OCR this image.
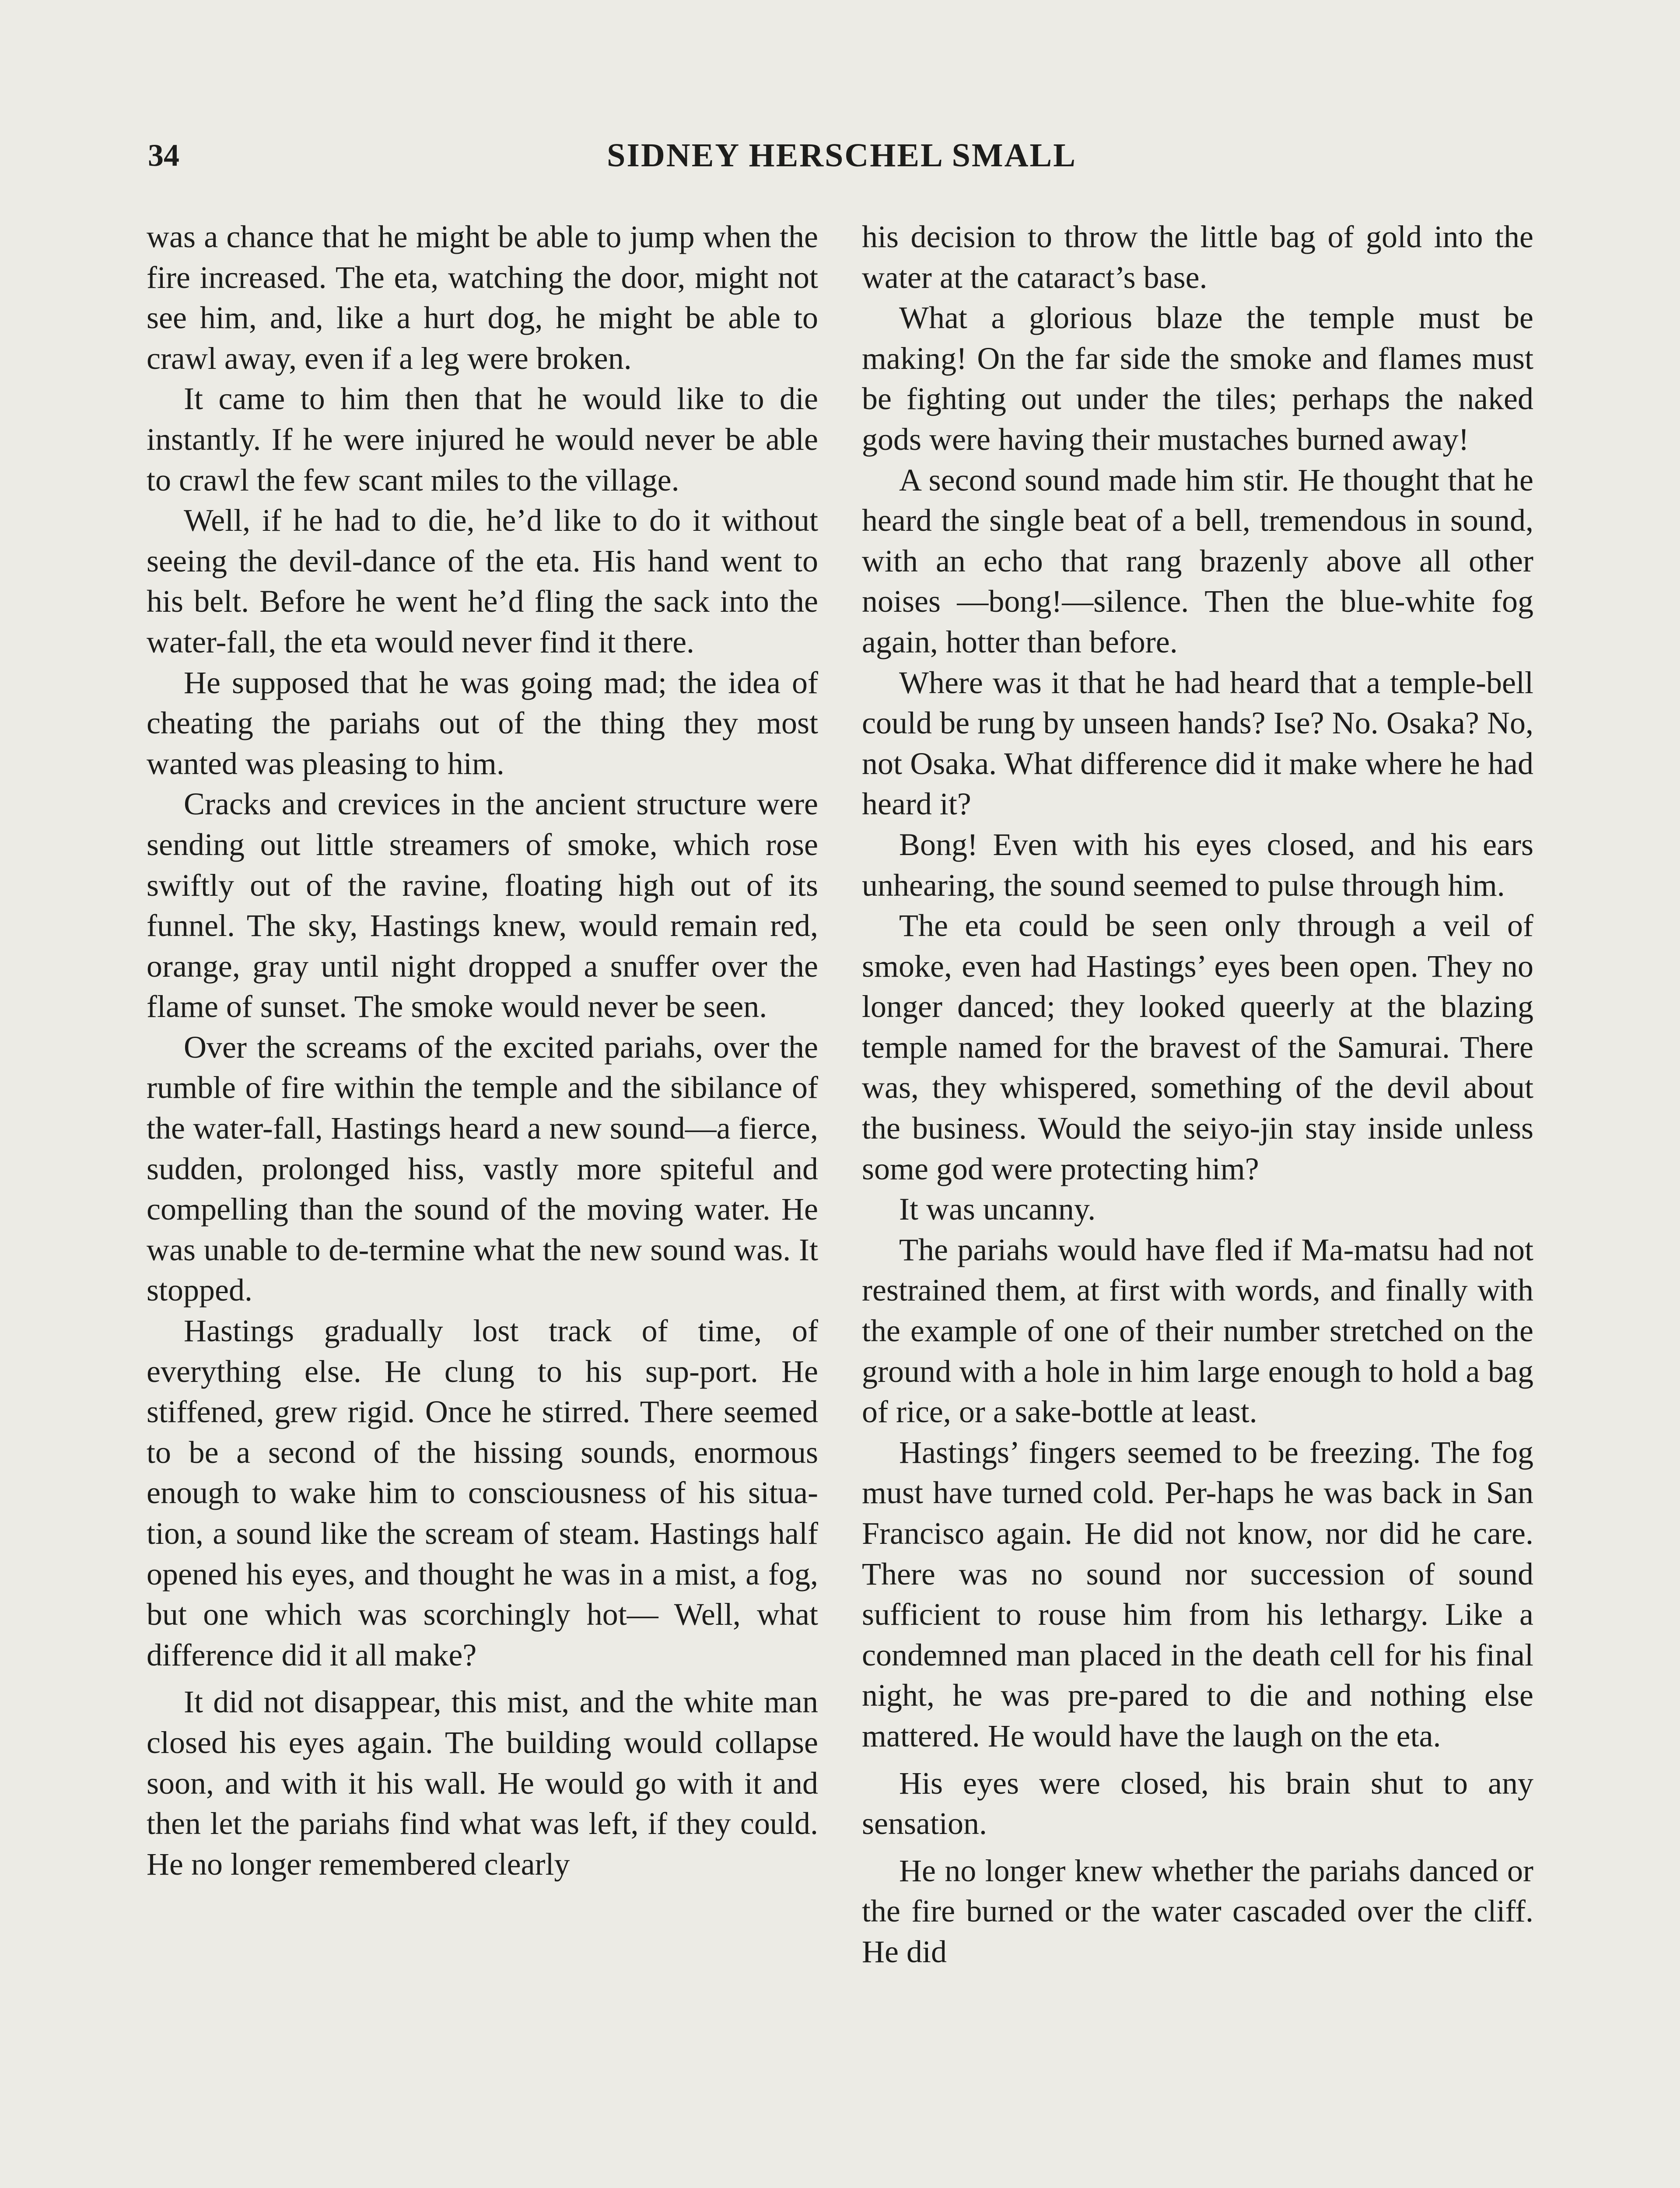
34	SIDNEY HERSCHEL SMALL

was a chance that he might be able to jump when the fire increased. The eta, watching the door, might not see him, and, like a hurt dog, he might be able to crawl away, even if a leg were broken.

It came to him then that he would like to die instantly. If he were injured he would never be able to crawl the few scant miles to the village.

Well, if he had to die, he’d like to do it without seeing the devil-dance of the eta. His hand went to his belt. Before he went he’d fling the sack into the water-fall, the eta would never find it there.

He supposed that he was going mad; the idea of cheating the pariahs out of the thing they most wanted was pleasing to him.

Cracks and crevices in the ancient structure were sending out little streamers of smoke, which rose swiftly out of the ravine, floating high out of its funnel. The sky, Hastings knew, would remain red, orange, gray until night dropped a snuffer over the flame of sunset. The smoke would never be seen.

Over the screams of the excited pariahs, over the rumble of fire within the temple and the sibilance of the water-fall, Hastings heard a new sound—a fierce, sudden, prolonged hiss, vastly more spiteful and compelling than the sound of the moving water. He was unable to de-termine what the new sound was. It stopped.

Hastings gradually lost track of time, of everything else. He clung to his sup-port. He stiffened, grew rigid. Once he stirred. There seemed to be a second of the hissing sounds, enormous enough to wake him to consciousness of his situa-tion, a sound like the scream of steam. Hastings half opened his eyes, and thought he was in a mist, a fog, but one which was scorchingly hot— Well, what difference did it all make?

It did not disappear, this mist, and the white man closed his eyes again. The building would collapse soon, and with it his wall. He would go with it and then let the pariahs find what was left, if they could. He no longer remembered clearly

his decision to throw the little bag of gold into the water at the cataract’s base.

What a glorious blaze the temple must be making! On the far side the smoke and flames must be fighting out under the tiles; perhaps the naked gods were having their mustaches burned away!

A second sound made him stir. He thought that he heard the single beat of a bell, tremendous in sound, with an echo that rang brazenly above all other noises —bong!—silence. Then the blue-white fog again, hotter than before.

Where was it that he had heard that a temple-bell could be rung by unseen hands? Ise? No. Osaka? No, not Osaka. What difference did it make where he had heard it?

Bong! Even with his eyes closed, and his ears unhearing, the sound seemed to pulse through him.

The eta could be seen only through a veil of smoke, even had Hastings’ eyes been open. They no longer danced; they looked queerly at the blazing temple named for the bravest of the Samurai. There was, they whispered, something of the devil about the business. Would the seiyo-jin stay inside unless some god were protecting him?

It was uncanny.

The pariahs would have fled if Ma-matsu had not restrained them, at first with words, and finally with the example of one of their number stretched on the ground with a hole in him large enough to hold a bag of rice, or a sake-bottle at least.

Hastings’ fingers seemed to be freezing. The fog must have turned cold. Per-haps he was back in San Francisco again. He did not know, nor did he care. There was no sound nor succession of sound sufficient to rouse him from his lethargy. Like a condemned man placed in the death cell for his final night, he was pre-pared to die and nothing else mattered. He would have the laugh on the eta.

His eyes were closed, his brain shut to any sensation.

He no longer knew whether the pariahs danced or the fire burned or the water cascaded over the cliff. He did
